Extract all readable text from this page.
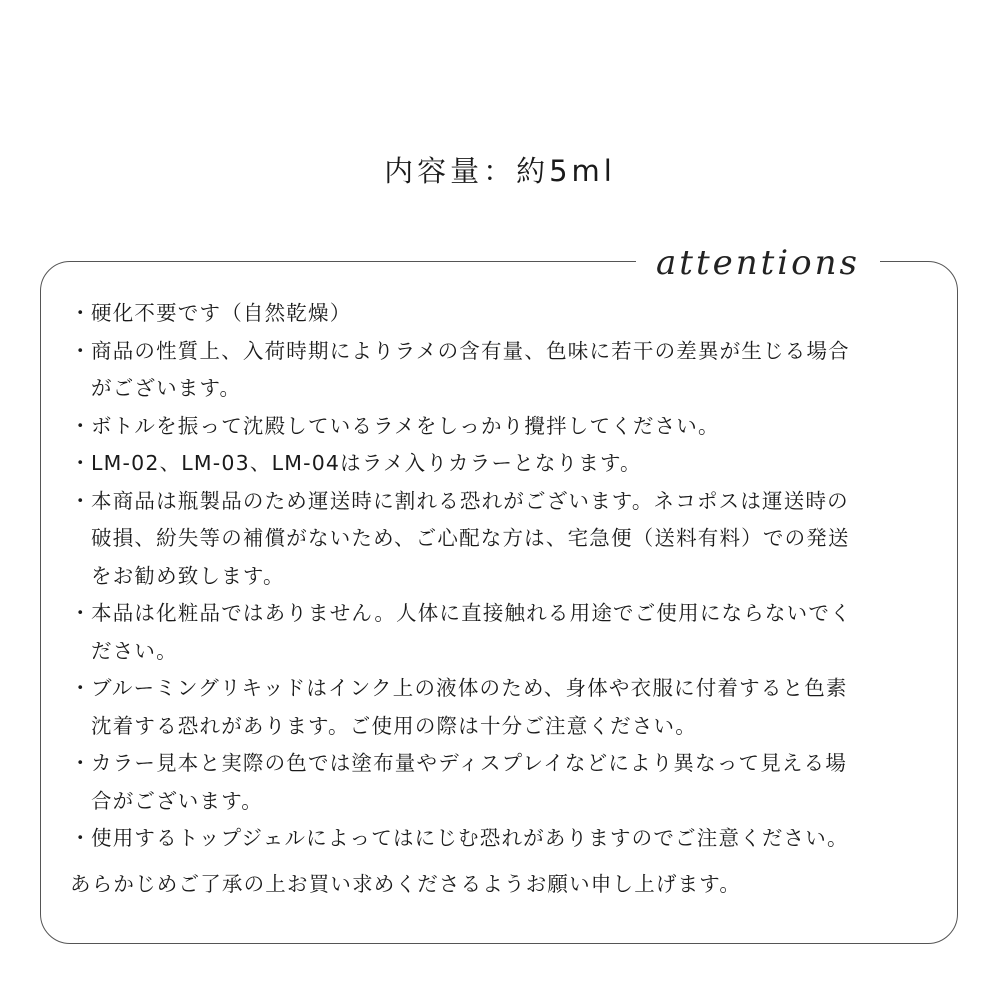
内容量：約5ml
attentions
・ 硬化不要です（自然乾燥）
・ 商品の性質上、入荷時期によりラメの含有量、色味に若干の差異が生じる場合
がございます。
・ ボトルを振って沈殿しているラメをしっかり攪拌してください。
・ LM-02、LM-03、LM-04はラメ入りカラーとなります。
・ 本商品は瓶製品のため運送時に割れる恐れがございます。ネコポスは運送時の
破損、紛失等の補償がないため、ご心配な方は、宅急便（送料有料）での発送
をお勧め致します。
・ 本品は化粧品ではありません。人体に直接触れる用途でご使用にならないでく
ださい。
・ ブルーミングリキッドはインク上の液体のため、身体や衣服に付着すると色素
沈着する恐れがあります。ご使用の際は十分ご注意ください。
・ カラー見本と実際の色では塗布量やディスプレイなどにより異なって見える場
合がございます。
・ 使用するトップジェルによってはにじむ恐れがありますのでご注意ください。
あらかじめご了承の上お買い求めくださるようお願い申し上げます。
